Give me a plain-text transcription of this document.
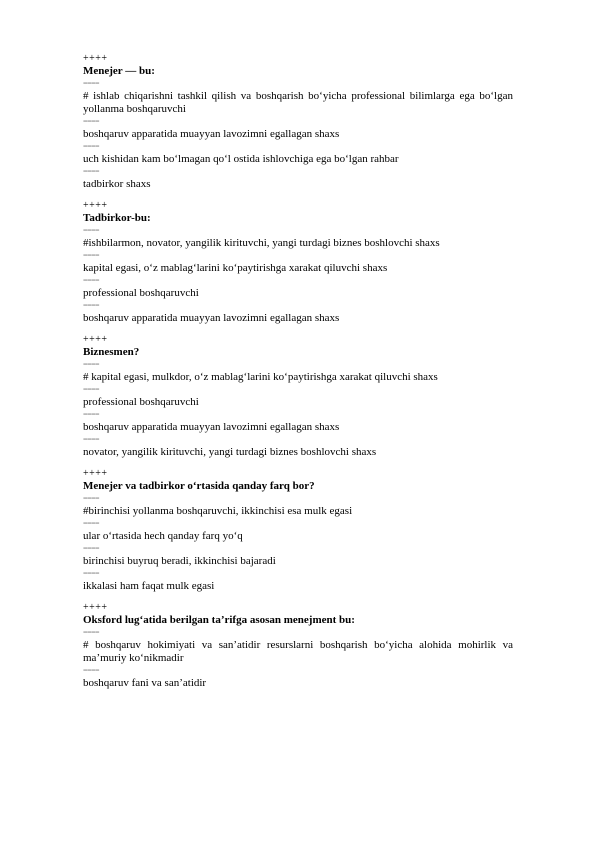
++++
Menejer — bu:
====
# ishlab chiqarishni tashkil qilish va boshqarish bo‘yicha professional bilimlarga ega bo‘lgan yollanma boshqaruvchi
====
boshqaruv apparatida muayyan lavozimni egallagan shaxs
====
uch kishidan kam bo‘lmagan qo‘l ostida ishlovchiga ega bo‘lgan rahbar
====
tadbirkor shaxs
++++
Tadbirkor-bu:
====
#ishbilarmon, novator, yangilik kirituvchi, yangi turdagi biznes boshlovchi shaxs
====
kapital egasi, o‘z mablag‘larini ko‘paytirishga xarakat qiluvchi shaxs
====
professional boshqaruvchi
====
boshqaruv apparatida muayyan lavozimni egallagan shaxs
++++
Biznesmen?
====
# kapital egasi, mulkdor, o‘z mablag‘larini ko‘paytirishga xarakat qiluvchi shaxs
====
professional boshqaruvchi
====
boshqaruv apparatida muayyan lavozimni egallagan shaxs
====
novator, yangilik kirituvchi, yangi turdagi biznes boshlovchi shaxs
++++
Menejer va tadbirkor o‘rtasida qanday farq bor?
====
#birinchisi yollanma boshqaruvchi, ikkinchisi esa mulk egasi
====
ular o‘rtasida hech qanday farq yo‘q
====
birinchisi buyruq beradi, ikkinchisi bajaradi
====
ikkalasi ham faqat mulk egasi
++++
Oksford lug‘atida berilgan ta’rifga asosan menejment bu:
====
# boshqaruv hokimiyati va san’atidir resurslarni boshqarish bo‘yicha alohida mohirlik va ma’muriy ko‘nikmadir
====
boshqaruv fani va san’atidir
